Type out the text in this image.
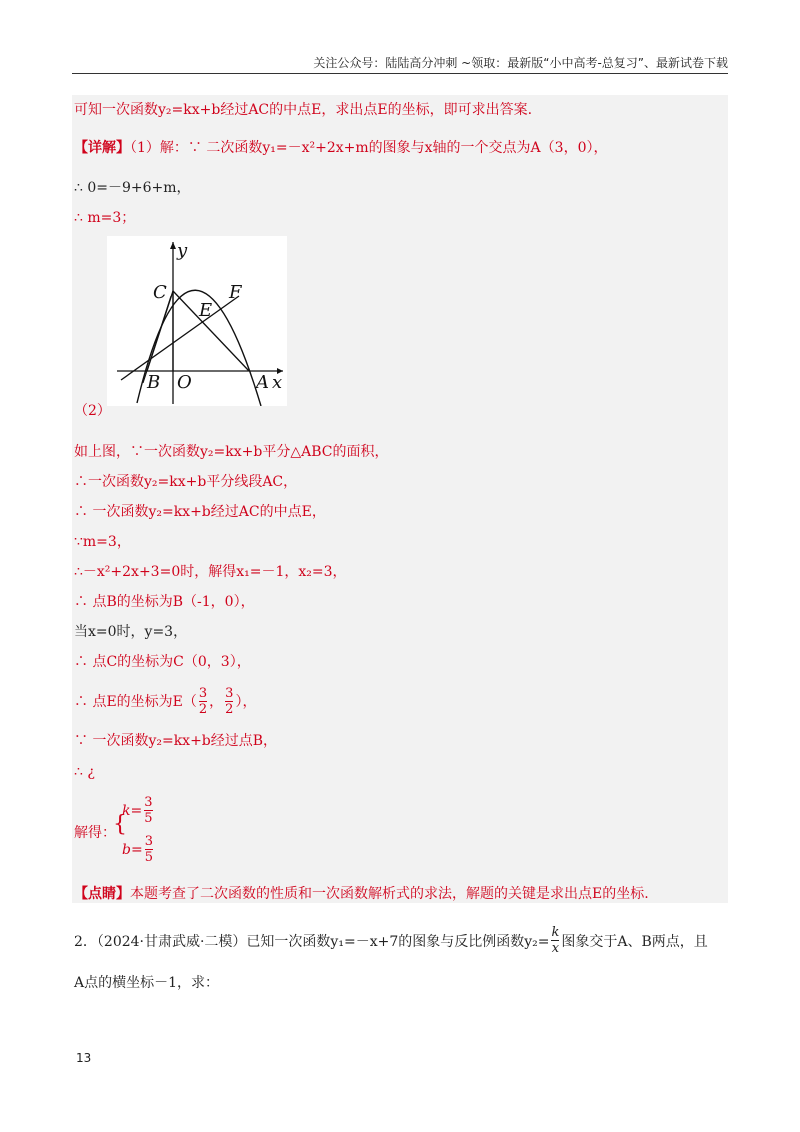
关注公众号：陆陆高分冲刺 ~领取：最新版“小中高考-总复习”、最新试卷下载
可知一次函数y₂=kx+b经过AC的中点E，求出点E的坐标，即可求出答案.
【详解】（1）解：∵ 二次函数y₁=－x²+2x+m的图象与x轴的一个交点为A（3，0），
∴ 0=－9+6+m，
∴ m=3；
y
C	F
E
B O	A x
（2）
如上图，∵一次函数y₂=kx+b平分△ABC的面积，
∴一次函数y₂=kx+b平分线段AC，
∴ 一次函数y₂=kx+b经过AC的中点E，
∵m=3，
∴－x²+2x+3=0时，解得x₁=－1，x₂=3，
∴ 点B的坐标为B（-1，0），
当x=0时，y=3，
∴ 点C的坐标为C（0，3），
∴ 点E的坐标为$E( \frac{3}{2}$ ， $\frac{3}{2}$ ），
∵ 一次函数y₂=kx+b经过点B，
∴ ¿
解得：
{
$k= \frac{3}{5}$
$b= \frac{3}{5}$
【点睛】本题考查了二次函数的性质和一次函数解析式的求法，解题的关键是求出点E的坐标.
2．（2024·甘肃武威·二模）已知一次函数y₁=－x+7的图象与反比例函数$y_2= \frac{k}{x}$ 图象交于A、B两点，且
A点的横坐标－1，求：
13
